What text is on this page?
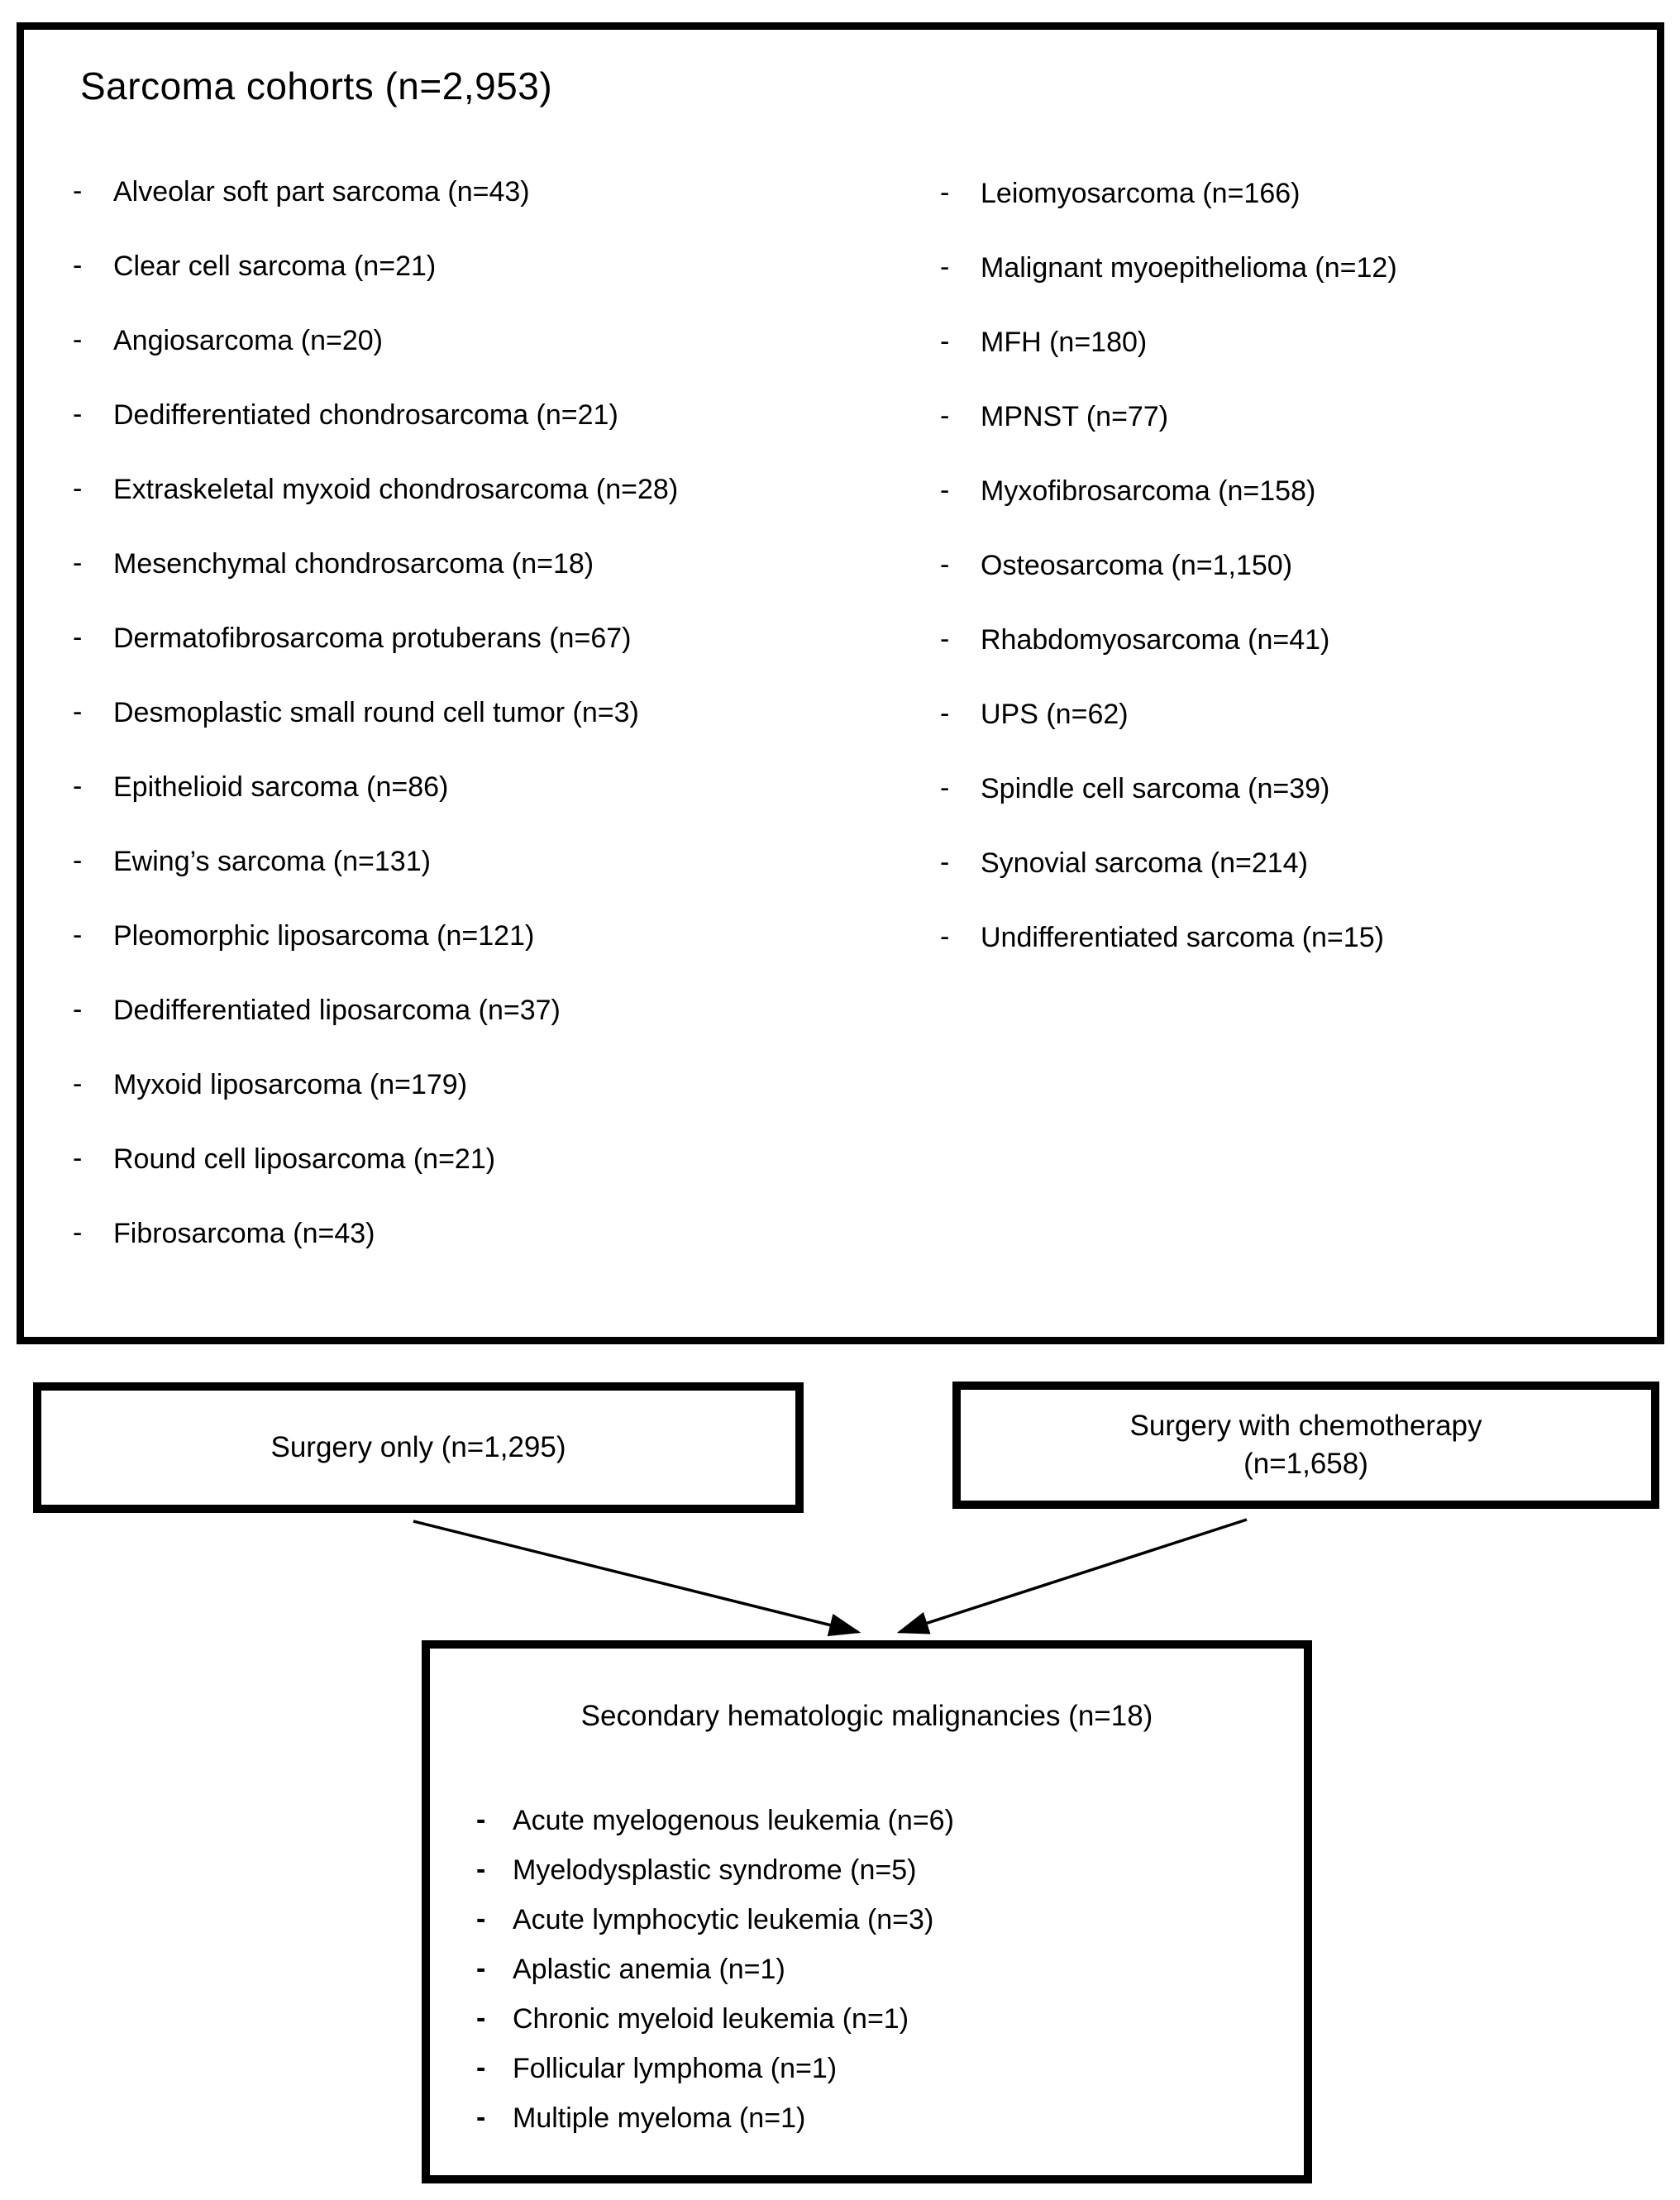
Sarcoma cohorts (n=2,953)
-	Alveolar soft part sarcoma (n=43)
-	Clear cell sarcoma (n=21)
-	Angiosarcoma (n=20)
-	Dedifferentiated chondrosarcoma (n=21)
-	Extraskeletal myxoid chondrosarcoma (n=28)
-	Mesenchymal chondrosarcoma (n=18)
-	Dermatofibrosarcoma protuberans (n=67)
-	Desmoplastic small round cell tumor (n=3)
-	Epithelioid sarcoma (n=86)
-	Ewing’s sarcoma (n=131)
-	Pleomorphic liposarcoma (n=121)
-	Dedifferentiated liposarcoma (n=37)
-	Myxoid liposarcoma (n=179)
-	Round cell liposarcoma (n=21)
-	Fibrosarcoma (n=43)
-	Leiomyosarcoma (n=166)
-	Malignant myoepithelioma (n=12)
-	MFH (n=180)
-	MPNST (n=77)
-	Myxofibrosarcoma (n=158)
-	Osteosarcoma (n=1,150)
-	Rhabdomyosarcoma (n=41)
-	UPS (n=62)
-	Spindle cell sarcoma (n=39)
-	Synovial sarcoma (n=214)
-	Undifferentiated sarcoma (n=15)
Surgery only (n=1,295)
Surgery with chemotherapy
(n=1,658)
Secondary hematologic malignancies (n=18)
- Acute myelogenous leukemia (n=6)
- Myelodysplastic syndrome (n=5)
- Acute lymphocytic leukemia (n=3)
- Aplastic anemia (n=1)
- Chronic myeloid leukemia (n=1)
- Follicular lymphoma (n=1)
- Multiple myeloma (n=1)
